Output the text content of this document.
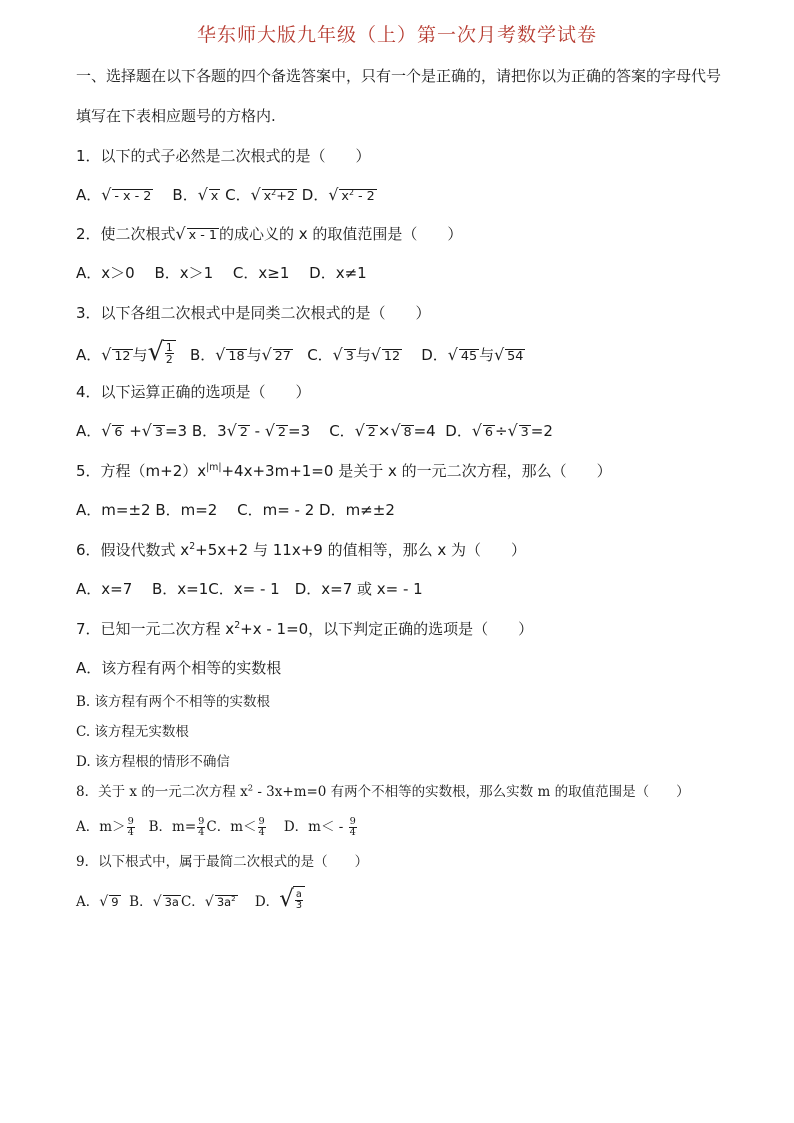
华东师大版九年级（上）第一次月考数学试卷
一、选择题在以下各题的四个备选答案中，只有一个是正确的，请把你以为正确的答案的字母代号
填写在下表相应题号的方格内.
1．以下的式子必然是二次根式的是（　　）
A．√ - x - 2 B．√ x C．√ $x^2+2$ D．√ $x^2 - 2$
2．使二次根式√ x - 1 的成心义的 x 的取值范围是（　　）
A．x＞0　 B．x＞1　 C．x≥1　 D．x≠1
3．以下各组二次根式中是同类二次根式的是（　　）
A．√ 12 与 √ $\frac{1}{2}$ B．√ 18 与√ 27 C．√ 3 与√ 12 D．√ 45 与√ 54
4．以下运算正确的选项是（　　）
A．√ 6 +√ 3 =3 B．3√ 2 - √ 2 =3 C．√ 2 ×√ 8 =4 D．√ 6 ÷√ 3 =2
5．方程$(m+2)x^{|m|}+4x+3m+1=0$ 是关于 x 的一元二次方程，那么（　　）
A．m=±2 B．m=2　 C．m= - 2 D．m≠±2
6．假设代数式 $x^2+5x+2$ 与 11x+9 的值相等，那么 x 为（　　）
A．x=7　 B．x=1C．x= - 1　D．x=7 或 x= - 1
7．已知一元二次方程 $x^2+x - 1=0$，以下判定正确的选项是（　　）
A．该方程有两个相等的实数根
B. 该方程有两个不相等的实数根
C. 该方程无实数根
D. 该方程根的情形不确信
8．关于 x 的一元二次方程 $x^2 - 3x+m=0$ 有两个不相等的实数根，那么实数 m 的取值范围是（　　）
A．$m> \frac{9}{4}$ B．$m= \frac{9}{4}$ C．$m< \frac{9}{4}$ D．$m< - \frac{9}{4}$
9．以下根式中，属于最简二次根式的是（　　）
A．√ 9 B．√ 3a C．√ $3a^2$ D． √ $\frac{a}{3}$
